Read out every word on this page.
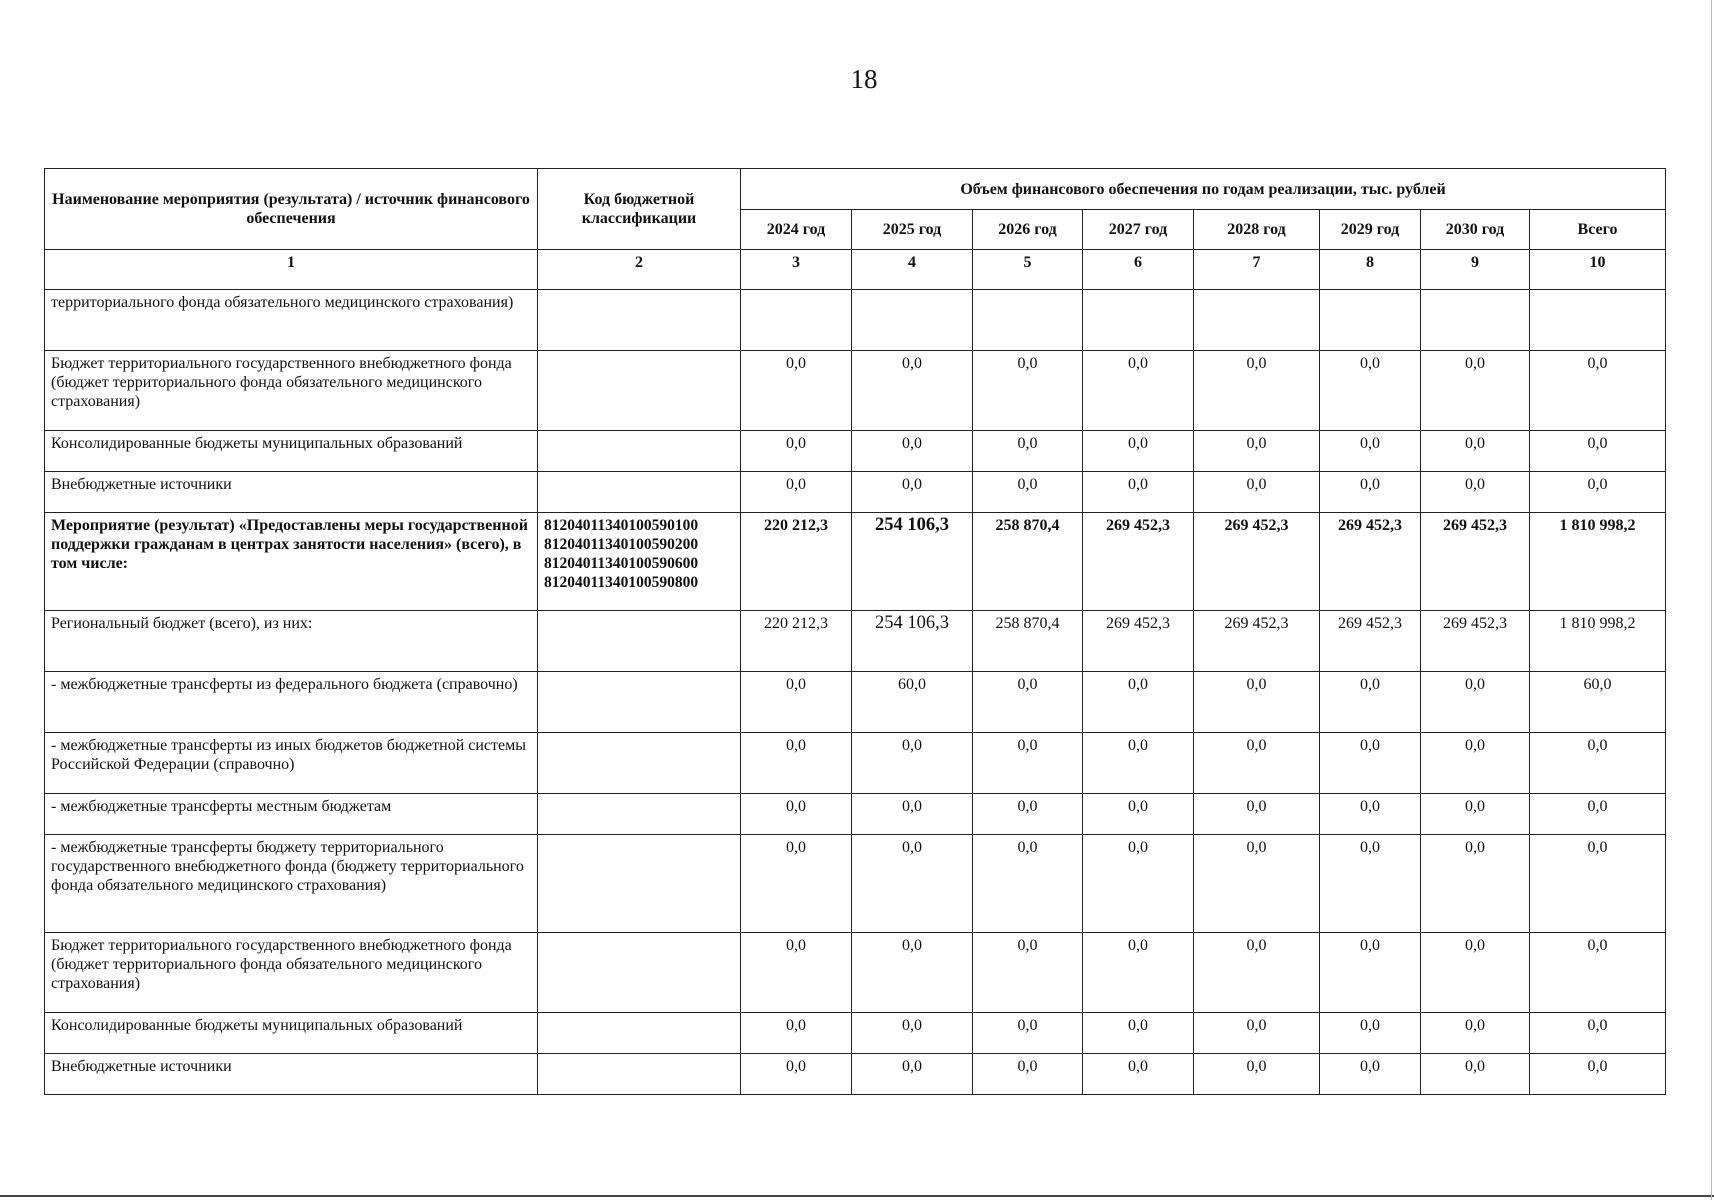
18
Наименование мероприятия (результата) / источник финансового обеспечения	Код бюджетной классификации	Объем финансового обеспечения по годам реализации, тыс. рублей							
		2024 год	2025 год	2026 год	2027 год	2028 год	2029 год	2030 год	Всего
1	2	3	4	5	6	7	8	9	10
территориального фонда обязательного медицинского страхования)									
Бюджет территориального государственного внебюджетного фонда (бюджет территориального фонда обязательного медицинского страхования)		0,0	0,0	0,0	0,0	0,0	0,0	0,0	0,0
Консолидированные бюджеты муниципальных образований		0,0	0,0	0,0	0,0	0,0	0,0	0,0	0,0
Внебюджетные источники		0,0	0,0	0,0	0,0	0,0	0,0	0,0	0,0
Мероприятие (результат) «Предоставлены меры государственной поддержки гражданам в центрах занятости населения» (всего), в том числе:	81204011340100590100
81204011340100590200
81204011340100590600
81204011340100590800	220 212,3	254 106,3	258 870,4	269 452,3	269 452,3	269 452,3	269 452,3	1 810 998,2
Региональный бюджет (всего), из них:		220 212,3	254 106,3	258 870,4	269 452,3	269 452,3	269 452,3	269 452,3	1 810 998,2
- межбюджетные трансферты из федерального бюджета (справочно)		0,0	60,0	0,0	0,0	0,0	0,0	0,0	60,0
- межбюджетные трансферты из иных бюджетов бюджетной системы Российской Федерации (справочно)		0,0	0,0	0,0	0,0	0,0	0,0	0,0	0,0
- межбюджетные трансферты местным бюджетам		0,0	0,0	0,0	0,0	0,0	0,0	0,0	0,0
- межбюджетные трансферты бюджету территориального государственного внебюджетного фонда (бюджету территориального фонда обязательного медицинского страхования)		0,0	0,0	0,0	0,0	0,0	0,0	0,0	0,0
Бюджет территориального государственного внебюджетного фонда (бюджет территориального фонда обязательного медицинского страхования)		0,0	0,0	0,0	0,0	0,0	0,0	0,0	0,0
Консолидированные бюджеты муниципальных образований		0,0	0,0	0,0	0,0	0,0	0,0	0,0	0,0
Внебюджетные источники		0,0	0,0	0,0	0,0	0,0	0,0	0,0	0,0
